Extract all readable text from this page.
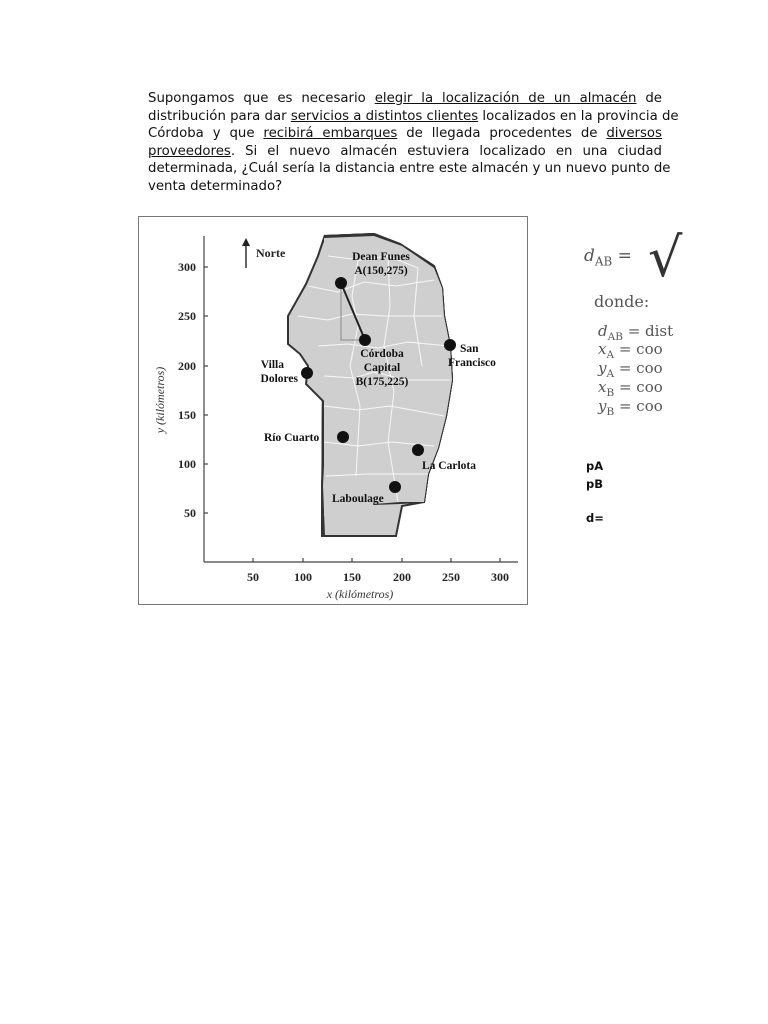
Supongamos que es necesario elegir la localización de un almacén de
distribución para dar servicios a distintos clientes localizados en la provincia de
Córdoba y que recibirá embarques de llegada procedentes de diversos
proveedores. Si el nuevo almacén estuviera localizado en una ciudad
determinada, ¿Cuál sería la distancia entre este almacén y un nuevo punto de
venta determinado?
300
250
200
150
100
50
50	100	150	200	250	300
x (kilómetros)
y (kilómetros)
Norte	Dean Funes
A(150,275)
Córdoba
Capital
B(175,225)
San
Francisco
Villa
Dolores
Río Cuarto
La Carlota
Laboulage
$d_{AB}$ = √
donde:
$d_{AB}$ = dist
$x_A$ = coo
$y_A$ = coo
$x_B$ = coo
$y_B$ = coo
pA
pB
d=
